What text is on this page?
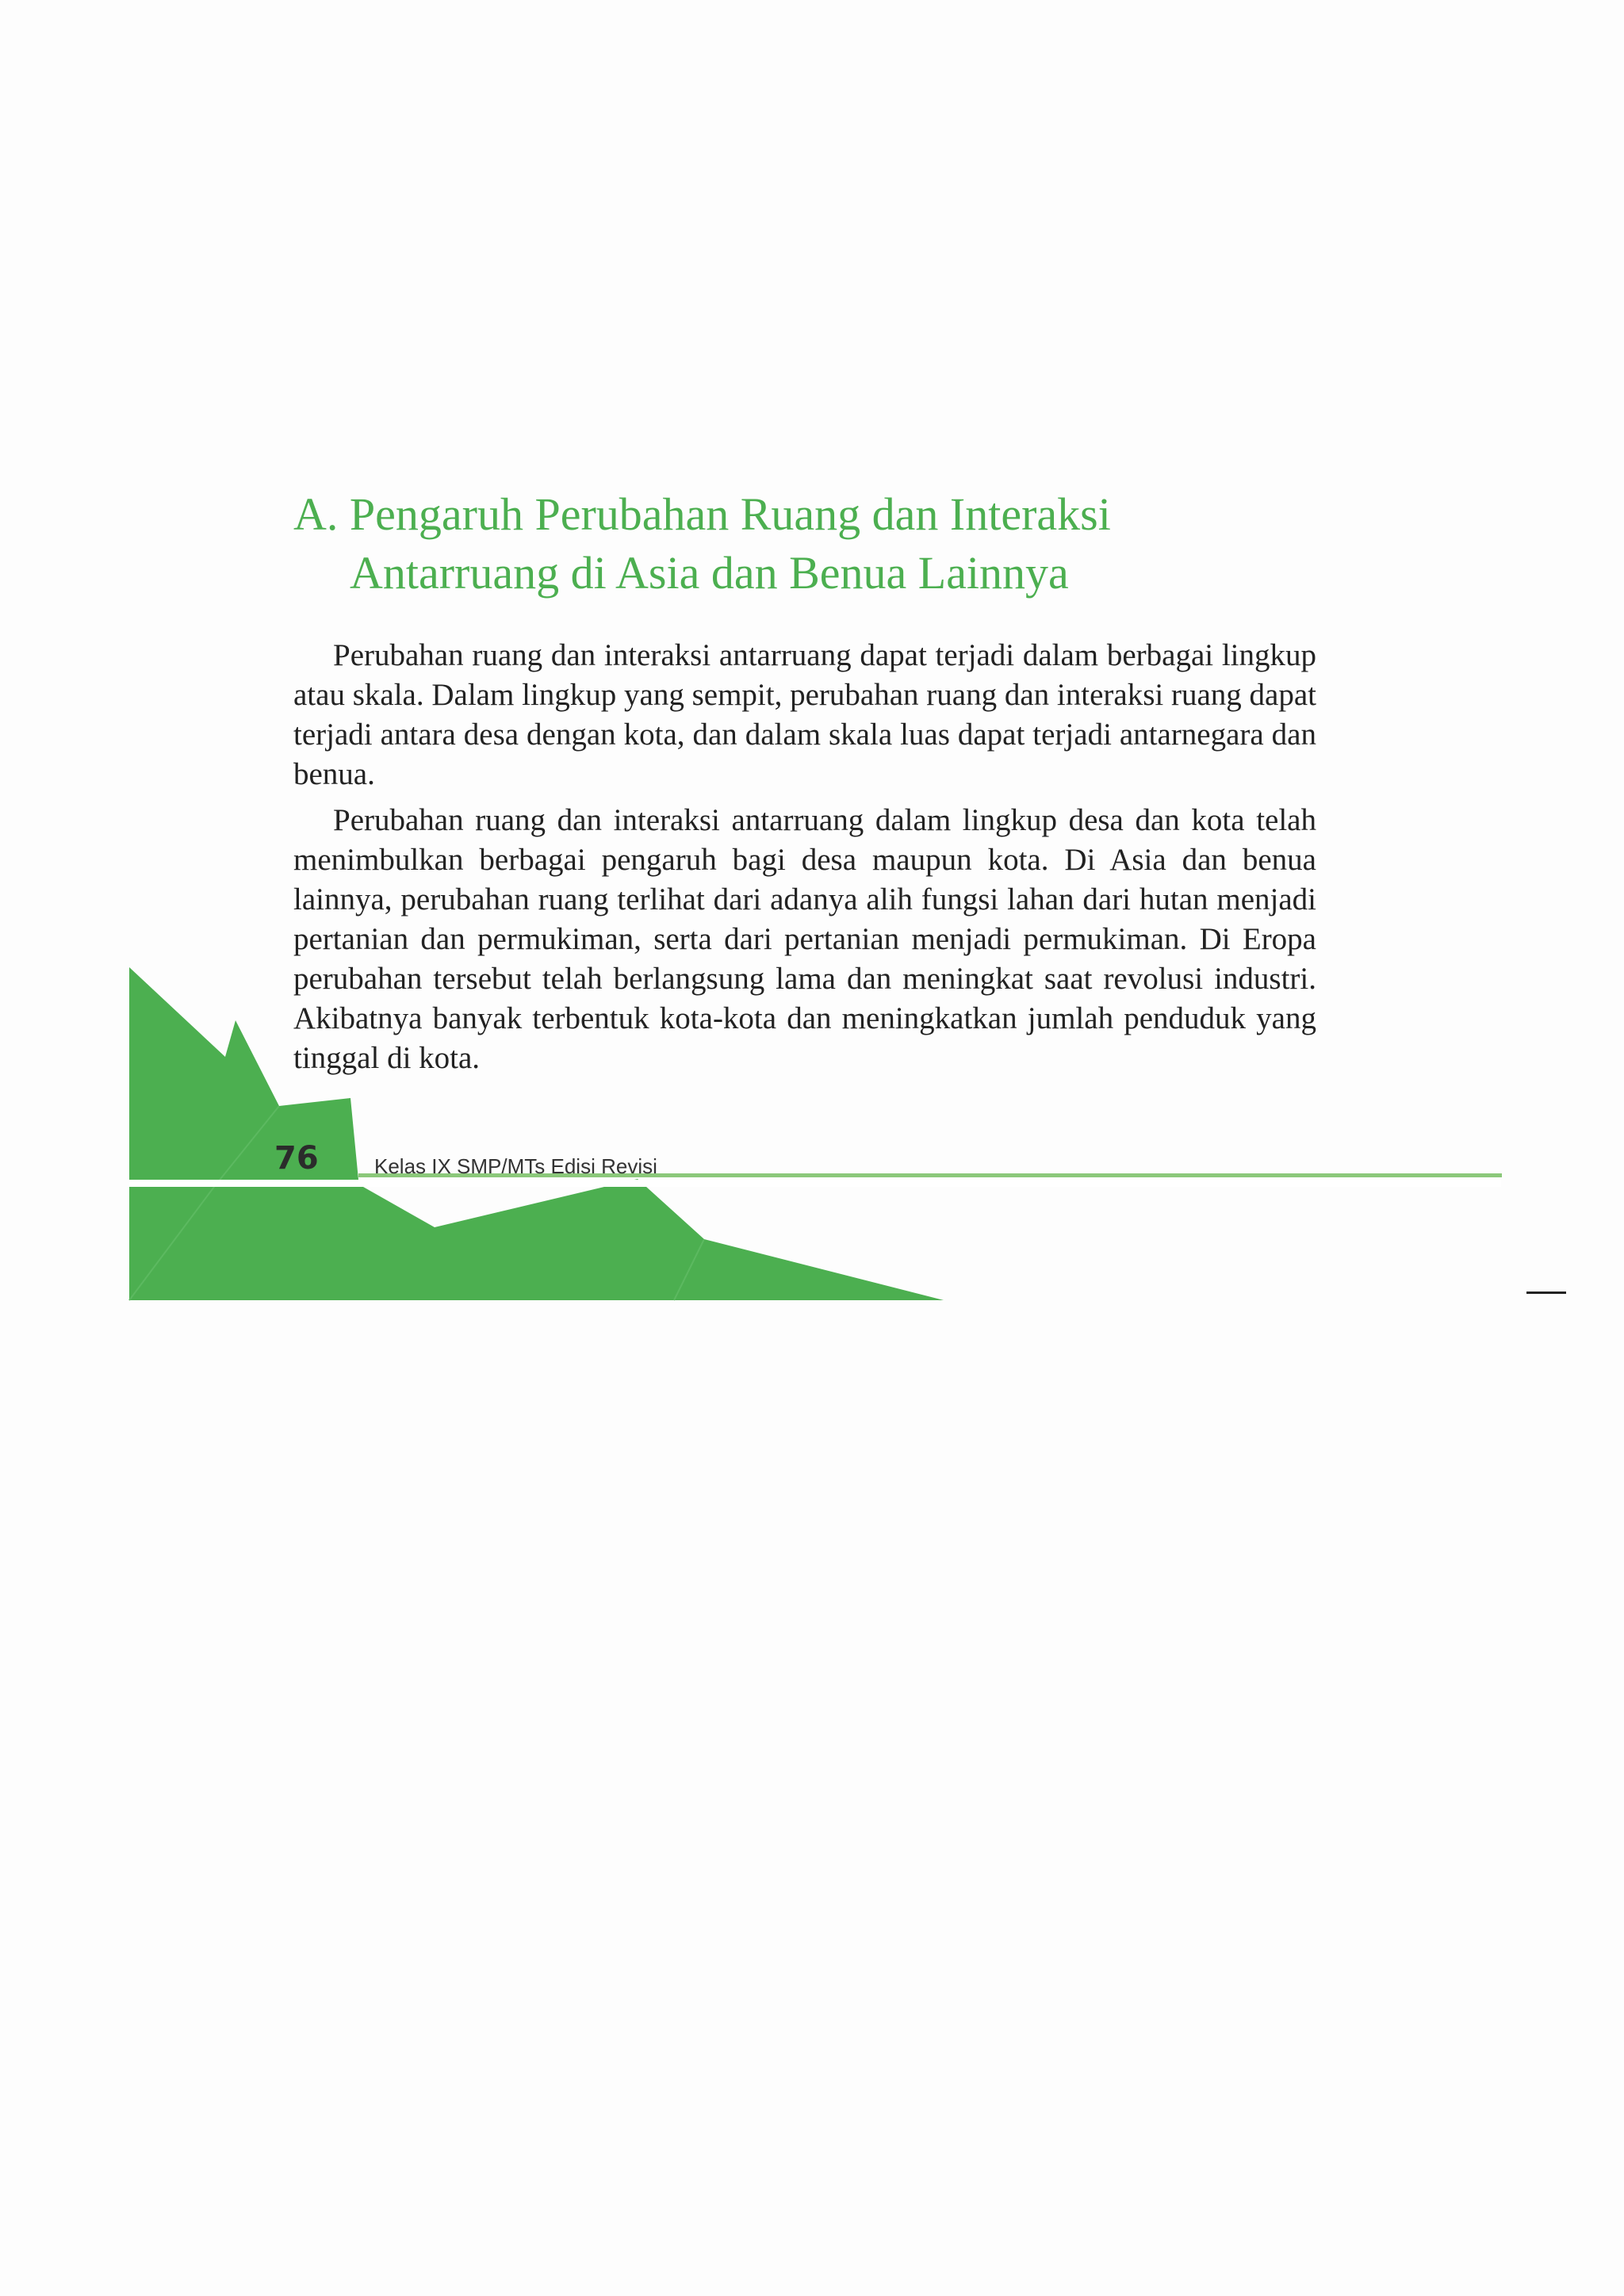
A. Pengaruh Perubahan Ruang dan Interaksi
Antarruang di Asia dan Benua Lainnya

Perubahan ruang dan interaksi antarruang dapat terjadi dalam berbagai lingkup atau skala. Dalam lingkup yang sempit, perubahan ruang dan interaksi ruang dapat terjadi antara desa dengan kota, dan dalam skala luas dapat terjadi antarnegara dan benua.

Perubahan ruang dan interaksi antarruang dalam lingkup desa dan kota telah menimbulkan berbagai pengaruh bagi desa maupun kota. Di Asia dan benua lainnya, perubahan ruang terlihat dari adanya alih fungsi lahan dari hutan menjadi pertanian dan permukiman, serta dari pertanian menjadi permukiman. Di Eropa perubahan tersebut telah berlangsung lama dan meningkat saat revolusi industri. Akibatnya banyak terbentuk kota-kota dan meningkatkan jumlah penduduk yang tinggal di kota.

76	Kelas IX SMP/MTs Edisi Revisi
